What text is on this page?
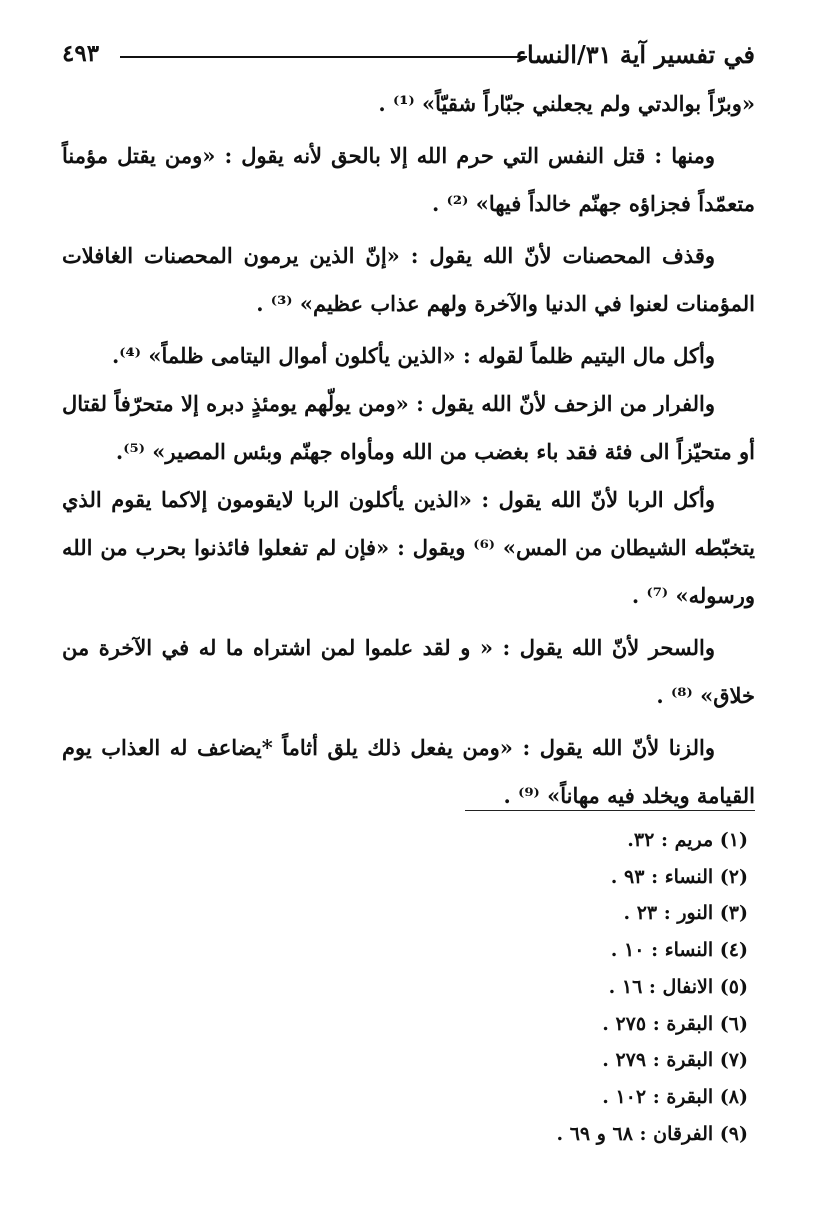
في تفسير آية ٣١/النساء
٤٩٣

«وبرّاً بوالدتي ولم يجعلني جبّاراً شقيّاً» ⁽¹⁾ .

ومنها : قتل النفس التي حرم الله إلا بالحق لأنه يقول : «ومن يقتل مؤمناً متعمّداً فجزاؤه جهنّم خالداً فيها» ⁽²⁾ .

وقذف المحصنات لأنّ الله يقول : «إنّ الذين يرمون المحصنات الغافلات المؤمنات لعنوا في الدنيا والآخرة ولهم عذاب عظيم» ⁽³⁾ .

وأكل مال اليتيم ظلماً لقوله : «الذين يأكلون أموال اليتامى ظلماً» ⁽⁴⁾.

والفرار من الزحف لأنّ الله يقول : «ومن يولّهم يومئذٍ دبره إلا متحرّفاً لقتال أو متحيّزاً الى فئة فقد باء بغضب من الله ومأواه جهنّم وبئس المصير» ⁽⁵⁾.

وأكل الربا لأنّ الله يقول : «الذين يأكلون الربا لايقومون إلاكما يقوم الذي يتخبّطه الشيطان من المس» ⁽⁶⁾ ويقول : «فإن لم تفعلوا فائذنوا بحرب من الله ورسوله» ⁽⁷⁾ .

والسحر لأنّ الله يقول : « و لقد علموا لمن اشتراه ما له في الآخرة من خلاق» ⁽⁸⁾ .

والزنا لأنّ الله يقول : «ومن يفعل ذلك يلق أثاماً *يضاعف له العذاب يوم القيامة ويخلد فيه مهاناً» ⁽⁹⁾ .

(١) مريم : ٣٢.
(٢) النساء : ٩٣ .
(٣) النور : ٢٣ .
(٤) النساء : ١٠ .
(٥) الانفال : ١٦ .
(٦) البقرة : ٢٧٥ .
(٧) البقرة : ٢٧٩ .
(٨) البقرة : ١٠٢ .
(٩) الفرقان : ٦٨ و ٦٩ .
